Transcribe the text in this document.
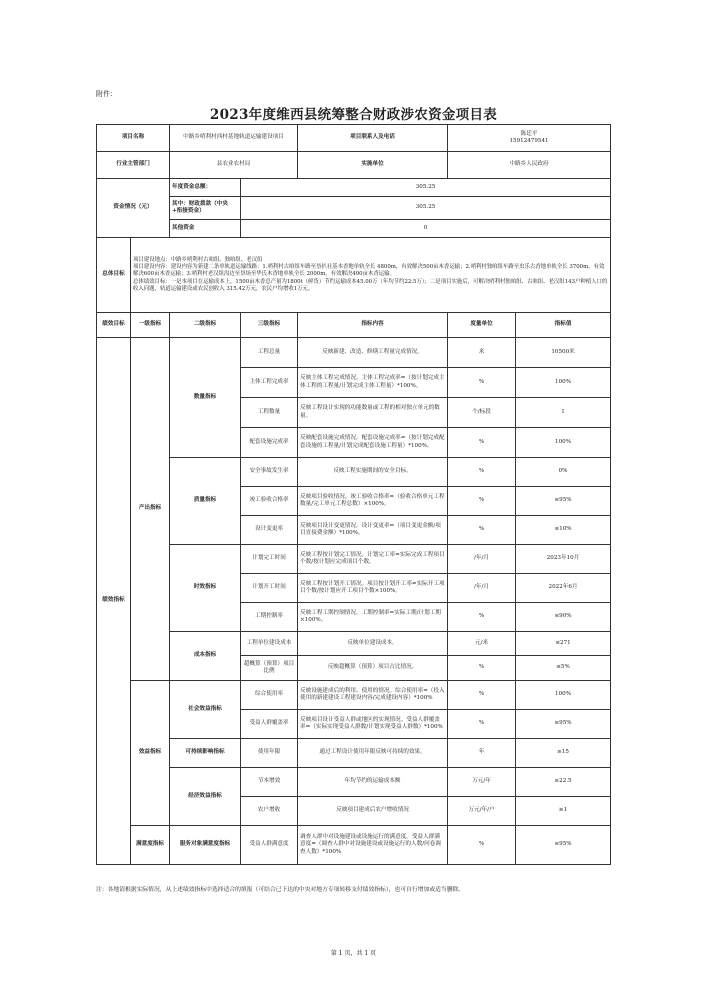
附件：
2023年度维西县统筹整合财政涉农资金项目表
项目名称		中路乡哨利村西村基地轨道运输建设项目		项目联系人及电话	陈廷平
15912479541	
行业主管部门		县农业农村局		实施单位	中路乡人民政府	
资金情况（元）		年度资金总额：	305.25			
		其中：财政拨款（中央+衔接资金）	305.25			
		其他资金	0			
总体目标	项目建设地点：中路乡哨利村古咱组、独咱组、老汉组
项目建设内容：建设内容为新建二条单轨道运输线路：1.哨利村古咱组车路至垦扒社基本香地单轨全长 4800m，有效解决500亩木香运输；2.哨利村独咱组车路至虫乐古香地单轨全长 3700m，有效解决600亩木香运输；3.哨利村老汉组沟边至垦场至华氏木香地单轨全长 2000m，有效解决400亩木香运输。
总体绩效目标：一是本项目在运输成本上，1500亩木香总产量为1800t（鲜货）节约运输成本45.00万（年均节约22.5万）；二是项目实施后，可解决哨利村独咱组、古咱组、老汉组143户种植人口的收入问题，轨道运输建设或农民创收入 315.42万元，农民户均增收1万元。					

绩效目标	一级指标	二级指标	三级指标	指标内容	度量单位	指标值
绩效指标	产出指标	数量指标	工程总量	反映新建、改造、修缮工程量完成情况。	米	10500米
			主体工程完成率	反映主体工程完成情况。主体工程完成率=（按计划完成主体工程的工程量/计划完成主体工程量）*100%。	%	100%
			工程数量	反映工程设计实现的功能数量或工程的相对独立单元的数量。	个/标段	1
			配套设施完成率	反映配套设施完成情况。配套设施完成率=（按计划完成配套设施的工程量/计划完成配套设施工程量）*100%。	%	100%
		质量指标	安全事故发生率	反映工程实施期间的安全目标。	%	0%
			竣工验收合格率	反映项目验收情况。竣工验收合格率=（验收合格单元工程数量/完工单元工程总数）×100%。	%	≥95%
			设计变更率	反映项目设计变更情况。设计变更率=（项目变更金额/项目直接费金额）*100%。	%	≤10%
		时效指标	计划完工时间	反映工程按计划完工情况。计划完工率=实际完成工程项目个数/按计划应完成项目个数。	/年/月	2023年10月
			计划开工时间	反映工程按计划开工情况。项目按计划开工率=实际开工项目个数/按计划应开工项目个数×100%。	/年/月	2022年6月
			工期控制率	反映工程工期控制情况。工期控制率=实际工期/计划工期×100%。	%	≤90%
		成本指标	工程单位建设成本	反映单位建设成本。	元/米	≤271
			超概算（预算）项目比例	反映超概算（预算）项目占比情况。	%	≤5%
	效益指标	社会效益指标	综合使用率	反映设施建成后的利用、使用的情况。综合使用率=（投入使用的新建建设工程建设内容/完成建设内容）*100%	%	100%
			受益人群覆盖率	反映项目设计受益人群或地区的实现情况。受益人群覆盖率=（实际实现受益人群数/计划实现受益人群数）*100%	%	≥95%
		可持续影响指标	使用年限	通过工程设计使用年限反映可持续的效果。	年	≥15
		经济效益指标	节本增效	年均节约的运输成本额	万元/年	≥22.5
			农户增收	反映项目建成后农户增收情况	万元/年/户	≥1
	满意度指标	服务对象满意度指标	受益人群满意度	调查人群中对设施建设或设施运行的满意度。受益人群满意度=（调查人群中对设施建设或设施运行的人数/问卷调查人数）*100%	%	≥95%
注：各地请根据实际情况，从上述绩效指标中选择适合的填报（可结合已下达的中央对地方专项转移支付绩效指标），也可自行增加或适当删除。
第 1 页，共 1 页
